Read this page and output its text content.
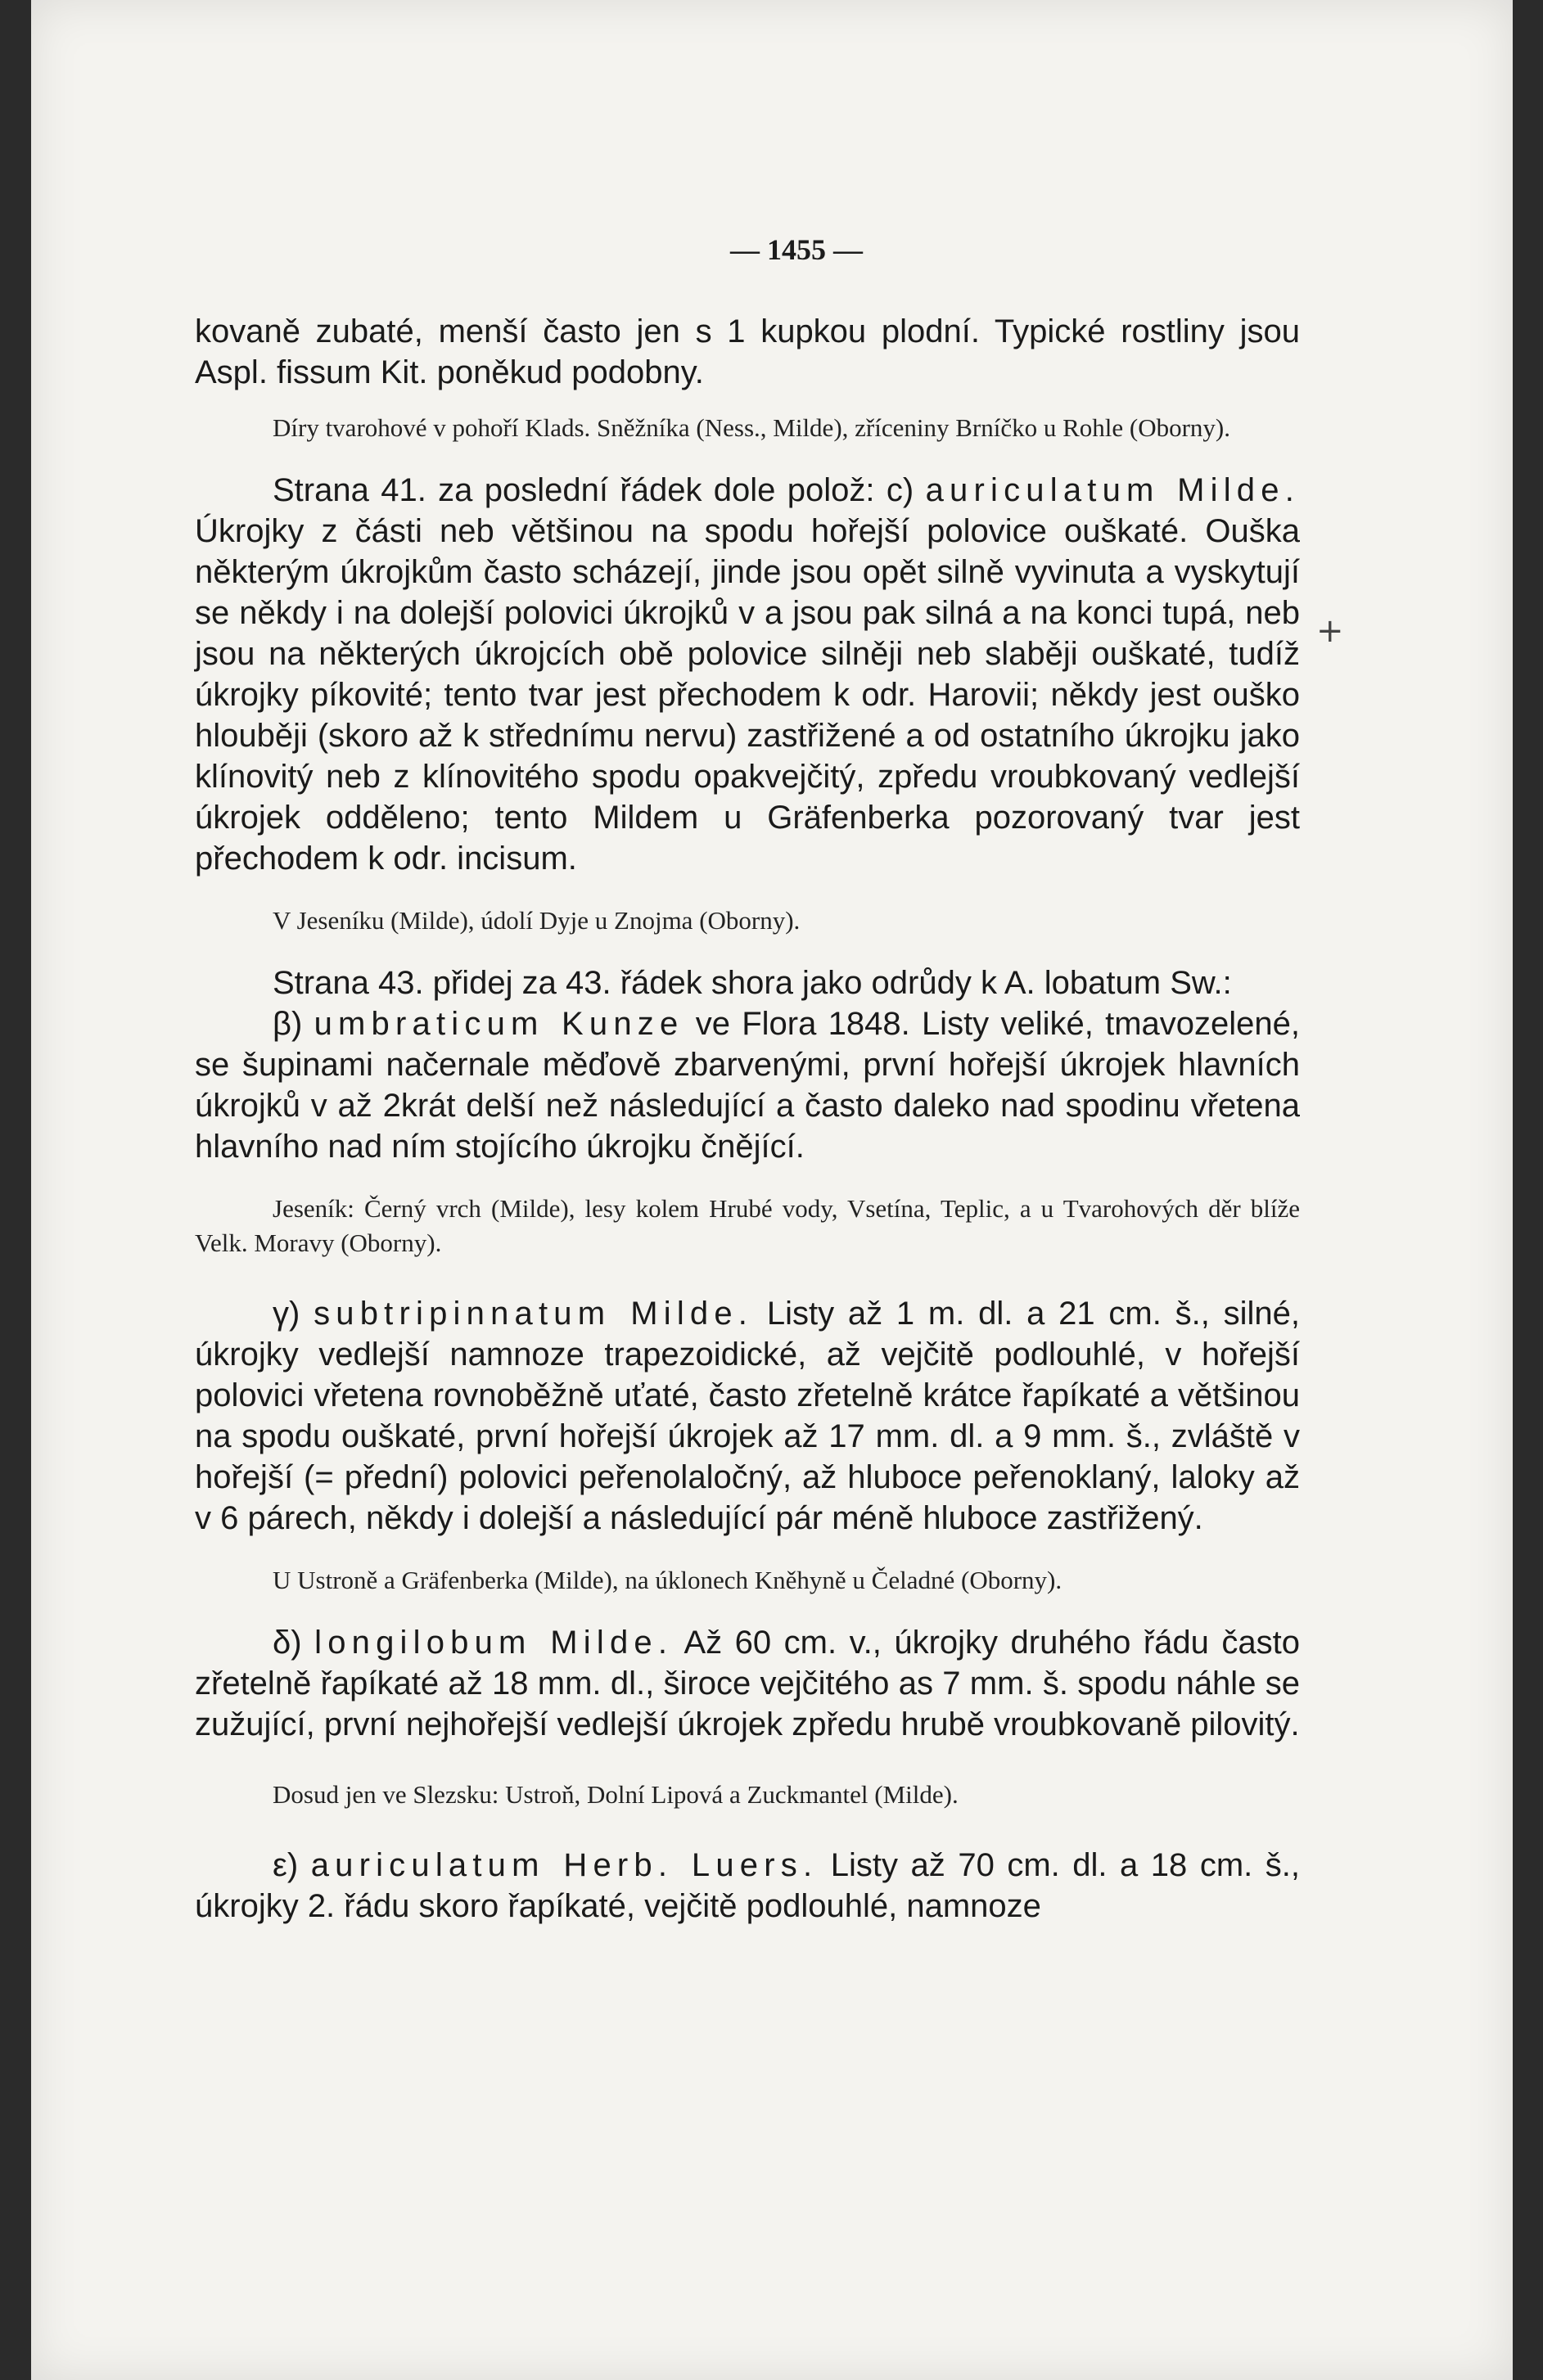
— 1455 —

kovaně zubaté, menší často jen s 1 kupkou plodní. Typické rostliny jsou Aspl. fissum Kit. poněkud podobny.

Díry tvarohové v pohoří Klads. Sněžníka (Ness., Milde), zříceniny Brníčko u Rohle (Oborny).

Strana 41. za poslední řádek dole polož: c) auriculatum Milde. Úkrojky z části neb většinou na spodu hořejší polovice ouškaté. Ouška některým úkrojkům často scházejí, jinde jsou opět silně vyvinuta a vyskytují se někdy i na dolejší polovici úkrojků v a jsou pak silná a na konci tupá, neb jsou na některých úkrojcích obě polovice silněji neb slaběji ouškaté, tudíž úkrojky píkovité; tento tvar jest přechodem k odr. Harovii; někdy jest ouško hlouběji (skoro až k střednímu nervu) zastřižené a od ostatního úkrojku jako klínovitý neb z klínovitého spodu opakvejčitý, zpředu vroubkovaný vedlejší úkrojek odděleno; tento Mildem u Gräfenberka pozorovaný tvar jest přechodem k odr. incisum.

V Jeseníku (Milde), údolí Dyje u Znojma (Oborny).

Strana 43. přidej za 43. řádek shora jako odrůdy k A. lobatum Sw.:

β) umbraticum Kunze ve Flora 1848. Listy veliké, tmavozelené, se šupinami načernale měďově zbarvenými, první hořejší úkrojek hlavních úkrojků v až 2krát delší než následující a často daleko nad spodinu vřetena hlavního nad ním stojícího úkrojku čnějící.

Jeseník: Černý vrch (Milde), lesy kolem Hrubé vody, Vsetína, Teplic, a u Tvarohových děr blíže Velk. Moravy (Oborny).

γ) subtripinnatum Milde. Listy až 1 m. dl. a 21 cm. š., silné, úkrojky vedlejší namnoze trapezoidické, až vejčitě podlouhlé, v hořejší polovici vřetena rovnoběžně uťaté, často zřetelně krátce řapíkaté a většinou na spodu ouškaté, první hořejší úkrojek až 17 mm. dl. a 9 mm. š., zvláště v hořejší (= přední) polovici peřenolaločný, až hluboce peřenoklaný, laloky až v 6 párech, někdy i dolejší a následující pár méně hluboce zastřižený.

U Ustroně a Gräfenberka (Milde), na úklonech Kněhyně u Čeladné (Oborny).

δ) longilobum Milde. Až 60 cm. v., úkrojky druhého řádu často zřetelně řapíkaté až 18 mm. dl., široce vejčitého as 7 mm. š. spodu náhle se zužující, první nejhořejší vedlejší úkrojek zpředu hrubě vroubkovaně pilovitý.

Dosud jen ve Slezsku: Ustroň, Dolní Lipová a Zuckmantel (Milde).

ε) auriculatum Herb. Luers. Listy až 70 cm. dl. a 18 cm. š., úkrojky 2. řádu skoro řapíkaté, vejčitě podlouhlé, namnoze

+
